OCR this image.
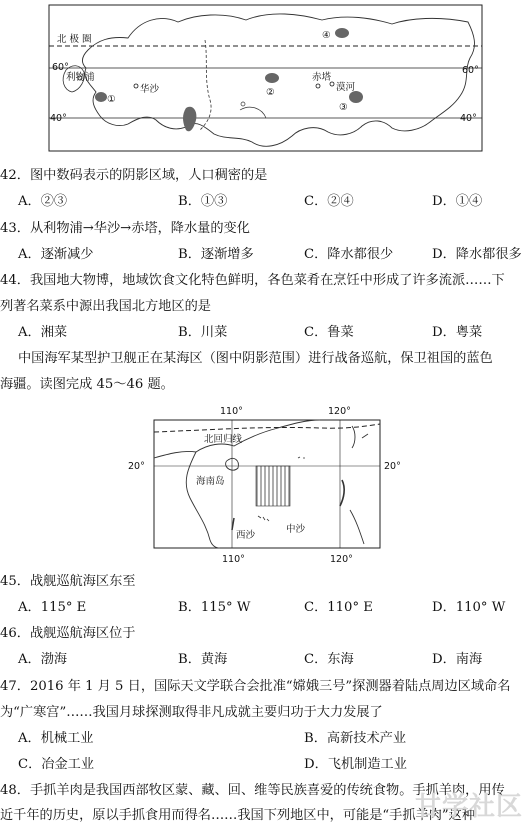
北 极 圈
60°	60°
40°	40°
利物浦
华沙
赤塔
漠河
①
②
③
④
42．图中数码表示的阴影区域，人口稠密的是
A．②③	B．①③	C．②④	D．①④
43．从利物浦→华沙→赤塔，降水量的变化
A．逐渐减少	B．逐渐增多	C．降水都很少	D．降水都很多
44．我国地大物博，地域饮食文化特色鲜明，各色菜肴在烹饪中形成了许多流派……下
列著名菜系中源出我国北方地区的是
A．湘菜	B．川菜	C．鲁菜	D．粤菜
中国海军某型护卫舰正在某海区（图中阴影范围）进行战备巡航，保卫祖国的蓝色
海疆。读图完成 45～46 题。
110°	120°
110°	120°
20°	20°
北回归线
海南岛
西沙
中沙
45．战舰巡航海区东至
A．115° E	B．115° W	C．110° E	D．110° W
46．战舰巡航海区位于
A．渤海	B．黄海	C．东海	D．南海
47．2016 年 1 月 5 日，国际天文学联合会批准“嫦娥三号”探测器着陆点周边区域命名
为“广寒宫”……我国月球探测取得非凡成就主要归功于大力发展了
A．机械工业	B．高新技术产业
C．冶金工业	D．飞机制造工业
48．手抓羊肉是我国西部牧区蒙、藏、回、维等民族喜爱的传统食物。手抓羊肉，用传
近千年的历史，原以手抓食用而得名……我国下列地区中，可能是“手抓羊肉”这种
甘学社区
